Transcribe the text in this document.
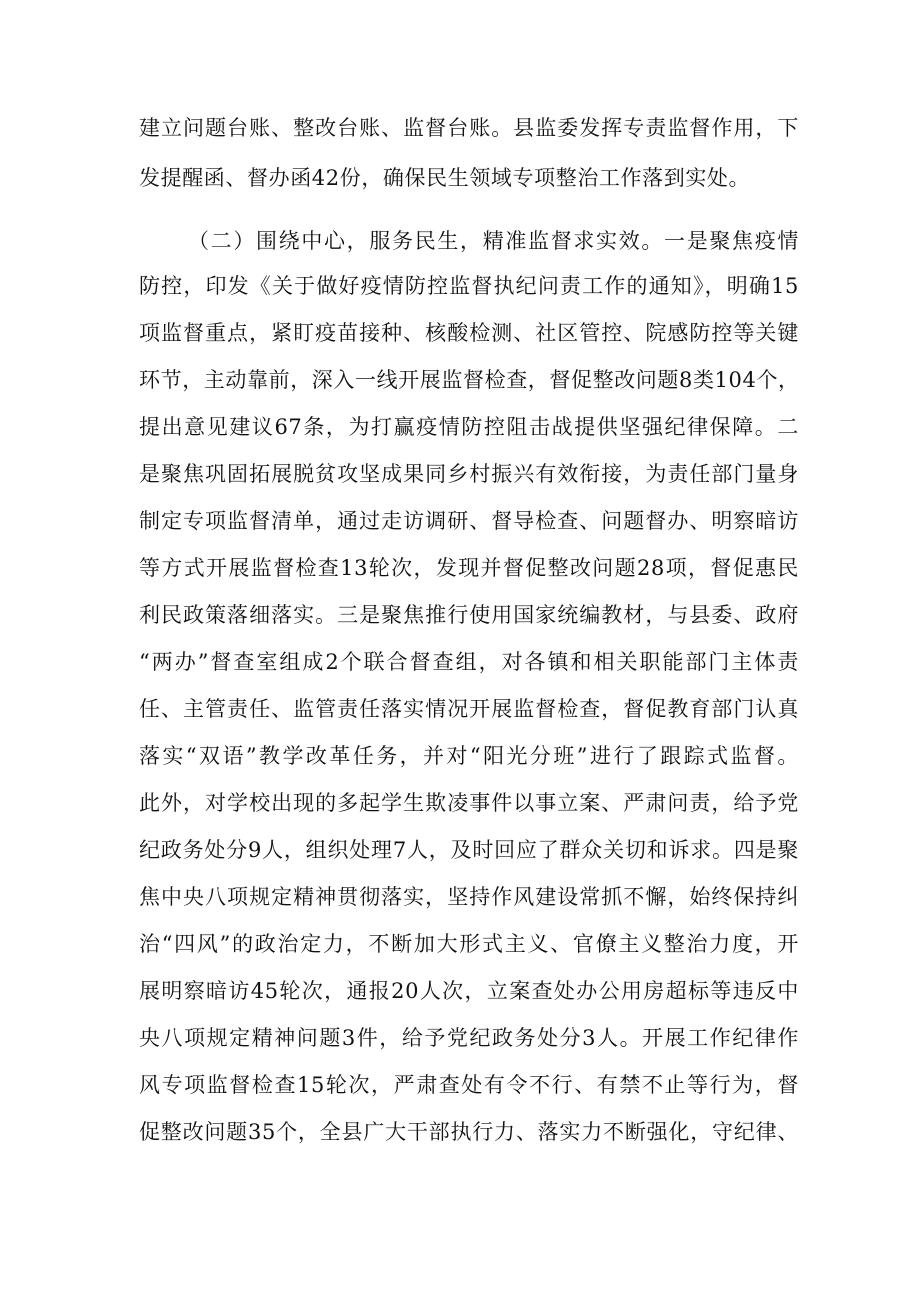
建立问题台账、整改台账、监督台账。县监委发挥专责监督作用，下
发提醒函、督办函42份，确保民生领域专项整治工作落到实处。
（二）围绕中心，服务民生，精准监督求实效。一是聚焦疫情
防控，印发《关于做好疫情防控监督执纪问责工作的通知》，明确15
项监督重点，紧盯疫苗接种、核酸检测、社区管控、院感防控等关键
环节，主动靠前，深入一线开展监督检查，督促整改问题8类104个，
提出意见建议67条，为打赢疫情防控阻击战提供坚强纪律保障。二
是聚焦巩固拓展脱贫攻坚成果同乡村振兴有效衔接，为责任部门量身
制定专项监督清单，通过走访调研、督导检查、问题督办、明察暗访
等方式开展监督检查13轮次，发现并督促整改问题28项，督促惠民
利民政策落细落实。三是聚焦推行使用国家统编教材，与县委、政府
“两办”督查室组成2个联合督查组，对各镇和相关职能部门主体责
任、主管责任、监管责任落实情况开展监督检查，督促教育部门认真
落实“双语”教学改革任务，并对“阳光分班”进行了跟踪式监督。
此外，对学校出现的多起学生欺凌事件以事立案、严肃问责，给予党
纪政务处分9人，组织处理7人，及时回应了群众关切和诉求。四是聚
焦中央八项规定精神贯彻落实，坚持作风建设常抓不懈，始终保持纠
治“四风”的政治定力，不断加大形式主义、官僚主义整治力度，开
展明察暗访45轮次，通报20人次，立案查处办公用房超标等违反中
央八项规定精神问题3件，给予党纪政务处分3人。开展工作纪律作
风专项监督检查15轮次，严肃查处有令不行、有禁不止等行为，督
促整改问题35个，全县广大干部执行力、落实力不断强化，守纪律、
